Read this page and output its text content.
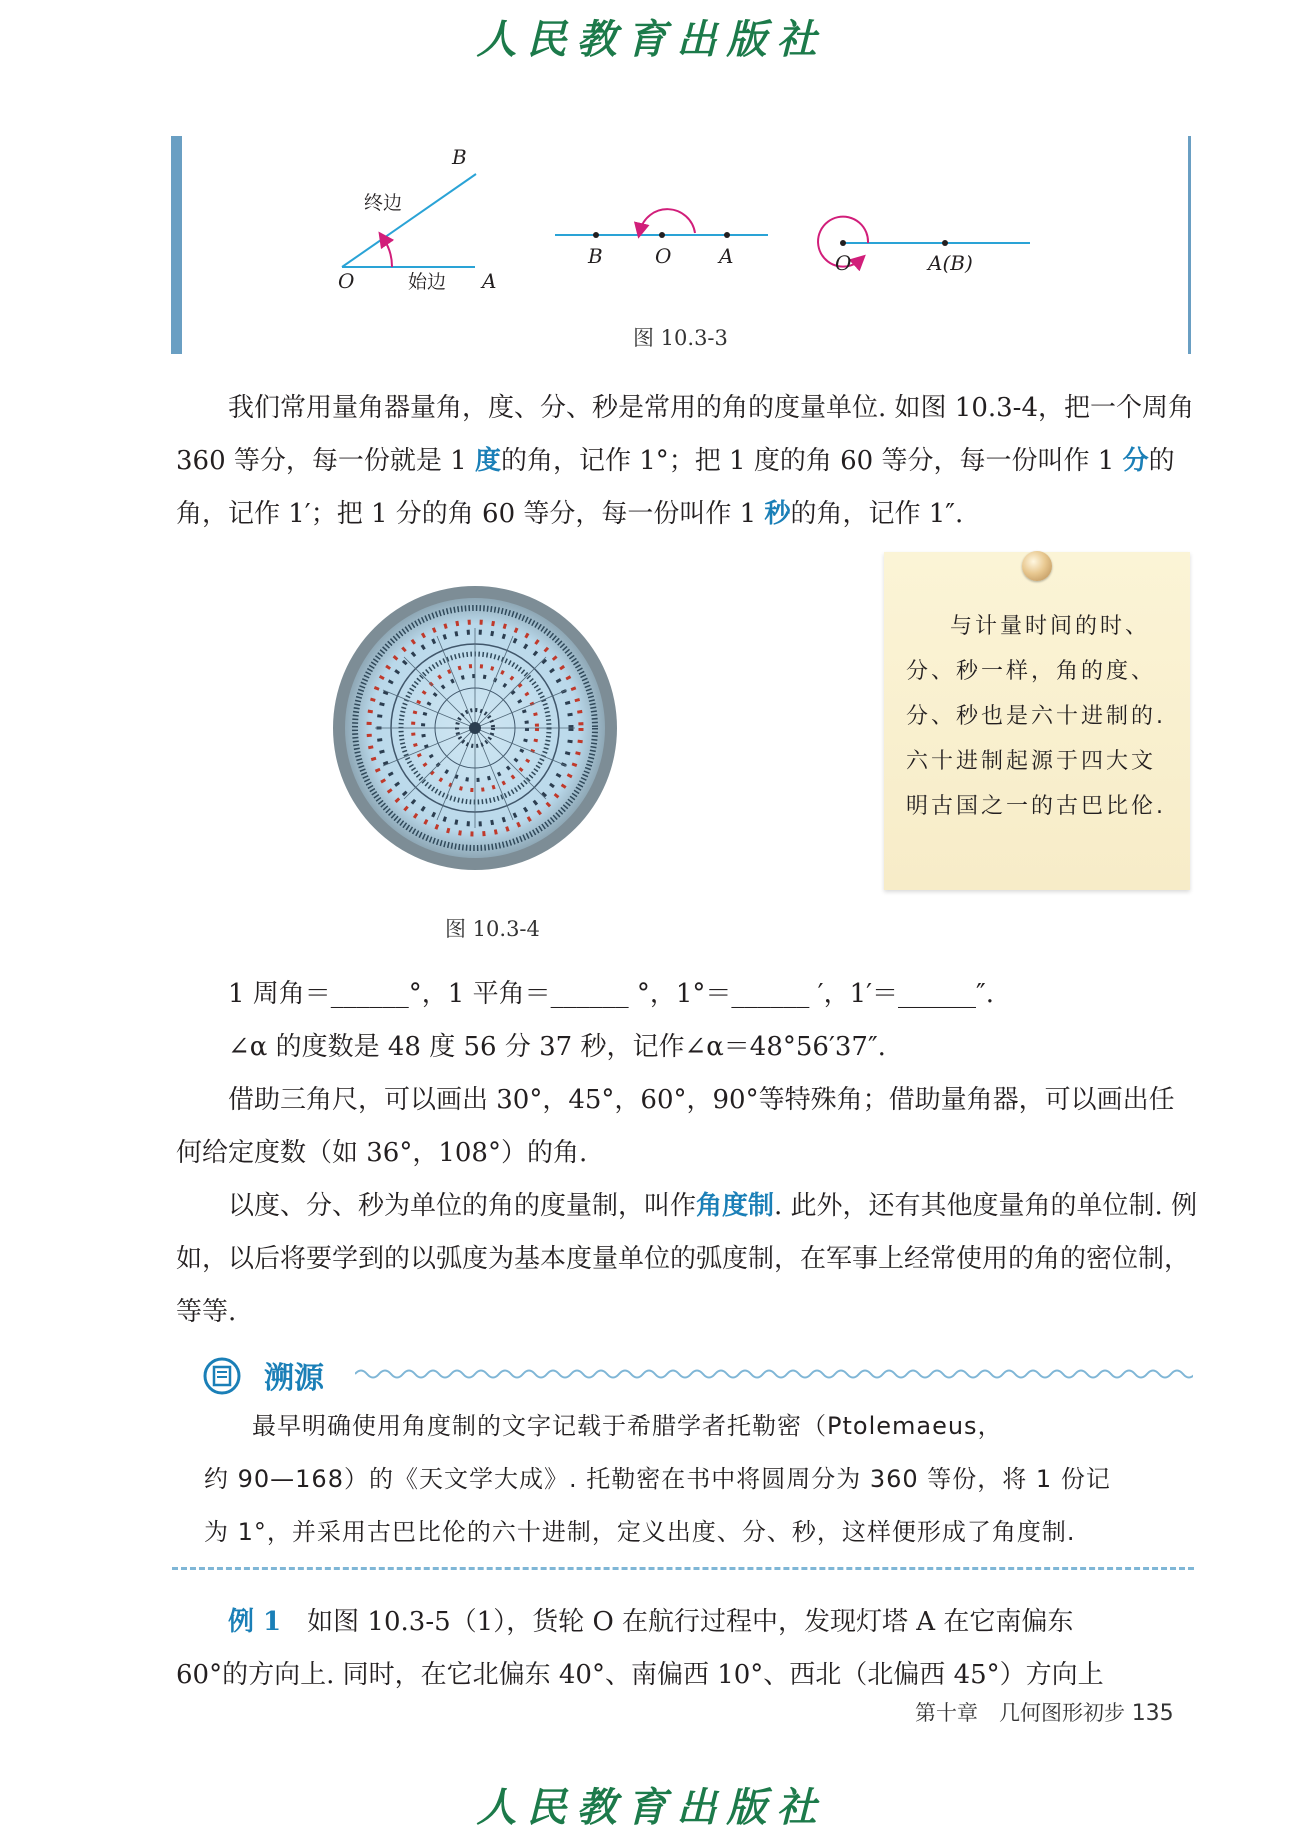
人民教育出版社
B
O	A
终边
始边
B	O A	O	A(B)
图 10.3-3

我们常用量角器量角，度、分、秒是常用的角的度量单位. 如图 10.3-4，把一个周角 360 等分，每一份就是 1 度的角，记作 1°；把 1 度的角 60 等分，每一份叫作 1 分的角，记作 1′；把 1 分的角 60 等分，每一份叫作 1 秒的角，记作 1″.

图 10.3-4

与计量时间的时、

分、秒一样，角的度、

分、秒也是六十进制的.

六十进制起源于四大文

明古国之一的古巴比伦.

1 周角＝______°，1 平角＝______ °，1°＝______ ′，1′＝______″.

∠α 的度数是 48 度 56 分 37 秒，记作∠α＝48°56′37″.

借助三角尺，可以画出 30°，45°，60°，90°等特殊角；借助量角器，可以画出任何给定度数（如 36°，108°）的角.

以度、分、秒为单位的角的度量制，叫作角度制. 此外，还有其他度量角的单位制. 例如，以后将要学到的以弧度为基本度量单位的弧度制，在军事上经常使用的角的密位制，等等.

溯源

最早明确使用角度制的文字记载于希腊学者托勒密（Ptolemaeus，

约 90—168）的《天文学大成》. 托勒密在书中将圆周分为 360 等份，将 1 份记

为 1°，并采用古巴比伦的六十进制，定义出度、分、秒，这样便形成了角度制.

例 1　 如图 10.3-5（1），货轮 O 在航行过程中，发现灯塔 A 在它南偏东

60°的方向上. 同时，在它北偏东 40°、南偏西 10°、西北（北偏西 45°）方向上

第十章　几何图形初步 135
人民教育出版社
